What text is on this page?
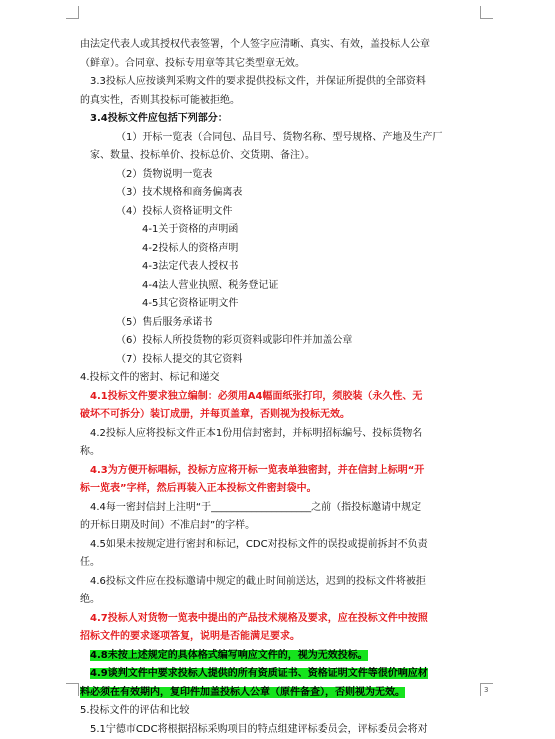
由法定代表人或其授权代表签署，个人签字应清晰、真实、有效，盖投标人公章
（鲜章）。合同章、投标专用章等其它类型章无效。
3.3投标人应按谈判采购文件的要求提供投标文件，并保证所提供的全部资料
的真实性，否则其投标可能被拒绝。
3.4投标文件应包括下列部分：
（1）开标一览表（合同包、品目号、货物名称、型号规格、产地及生产厂
家、数量、投标单价、投标总价、交货期、备注）。
（2）货物说明一览表
（3）技术规格和商务偏离表
（4）投标人资格证明文件
4-1关于资格的声明函
4-2投标人的资格声明
4-3法定代表人授权书
4-4法人营业执照、税务登记证
4-5其它资格证明文件
（5）售后服务承诺书
（6）投标人所投货物的彩页资料或影印件并加盖公章
（7）投标人提交的其它资料
4.投标文件的密封、标记和递交
4.1投标文件要求独立编制：必须用A4幅面纸张打印，须胶装（永久性、无
破坏不可拆分）装订成册，并每页盖章，否则视为投标无效。
4.2投标人应将投标文件正本1份用信封密封，并标明招标编号、投标货物名
称。
4.3为方便开标唱标，投标方应将开标一览表单独密封，并在信封上标明“开
标一览表”字样，然后再装入正本投标文件密封袋中。
4.4每一密封信封上注明“于____________________之前（指投标邀请中规定
的开标日期及时间）不准启封”的字样。
4.5如果未按规定进行密封和标记，CDC对投标文件的误投或提前拆封不负责
任。
4.6投标文件应在投标邀请中规定的截止时间前送达，迟到的投标文件将被拒
绝。
4.7投标人对货物一览表中提出的产品技术规格及要求，应在投标文件中按照
招标文件的要求逐项答复，说明是否能满足要求。
4.8未按上述规定的具体格式编写响应文件的，视为无效投标。
4.9谈判文件中要求投标人提供的所有资质证书、资格证明文件等很价响应材
料必须在有效期内，复印件加盖投标人公章（原件备查），否则视为无效。
5.投标文件的评估和比较
5.1宁德市CDC将根据招标采购项目的特点组建评标委员会，评标委员会将对
3
